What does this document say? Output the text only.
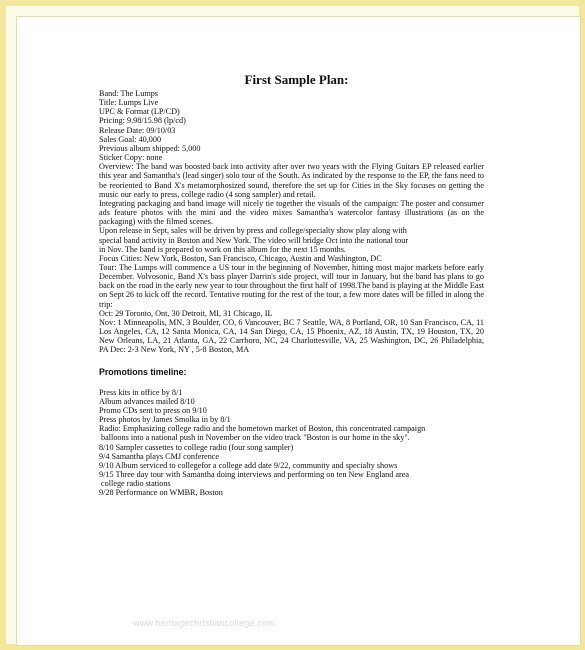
www.heritagechristiancollege.com
First Sample Plan:
Band: The Lumps
Title: Lumps Live
UPC & Format (LP/CD)
Pricing: 9.98/15.98 (lp/cd)
Release Date: 09/10/03
Sales Goal: 40,000
Previous album shipped: 5,000
Sticker Copy: none
Overview: The band was boosted back into activity after over two years with the Flying Guitars EP released earlier this year and Samantha's (lead singer) solo tour of the South. As indicated by the response to the EP, the fans need to be reoriented to Band X's metamorphosized sound, therefore the set up for Cities in the Sky focuses on getting the music our early to press, college radio (4 song sampler) and retail.
Integrating packaging and band image will nicely tie together the visuals of the campaign: The poster and consumer ads feature photos with the mini and the video mixes Samantha's watercolor fantasy illustrations (as on the packaging) with the filmed scenes.
Upon release in Sept, sales will be driven by press and college/specialty show play along with
special band activity in Boston and New York. The video will bridge Oct into the national tour
in Nov. The band is prepared to work on this album for the next 15 months.
Focus Cities: New York, Boston, San Francisco, Chicago, Austin and Washington, DC
Tour: The Lumps will commence a US tour in the beginning of November, hitting most major markets before early December. Volvosonic, Band X's bass player Darrin's side project, will tour in January, but the band has plans to go back on the road in the early new year to tour throughout the first half of 1998.The band is playing at the Middle East on Sept 26 to kick off the record. Tentative routing for the rest of the tour, a few more dates will be filled in along the trip:
Oct: 29 Toronto, Ont, 30 Detroit, MI, 31 Chicago, IL
Nov: 1 Minneapolis, MN, 3 Boulder, CO, 6 Vancouver, BC 7 Seattle, WA, 8 Portland, OR, 10 San Francisco, CA, 11 Los Angeles, CA, 12 Santa Monica, CA, 14 San Diego, CA, 15 Phoenix, AZ, 18 Austin, TX, 19 Houston, TX, 20 New Orleans, LA, 21 Atlanta, GA, 22 Carrboro, NC, 24 Charlottesville, VA, 25 Washington, DC, 26 Philadelphia, PA Dec: 2-3 New York, NY , 5-8 Boston, MA
Promotions timeline:
Press kits in office by 8/1
Album advances mailed 8/10
Promo CDs sent to press on 9/10
Press photos by James Smolka in by 8/1
Radio: Emphasizing college radio and the hometown market of Boston, this concentrated campaign
balloons into a national push in November on the video track "Boston is our home in the sky".
8/10 Sampler cassettes to college radio (four song sampler)
9/4 Samantha plays CMJ conference
9/10 Album serviced to collegefor a college add date 9/22, community and specialty shows
9/15 Three day tour with Samantha doing interviews and performing on ten New England area
college radio stations
9/28 Performance on WMBR, Boston
